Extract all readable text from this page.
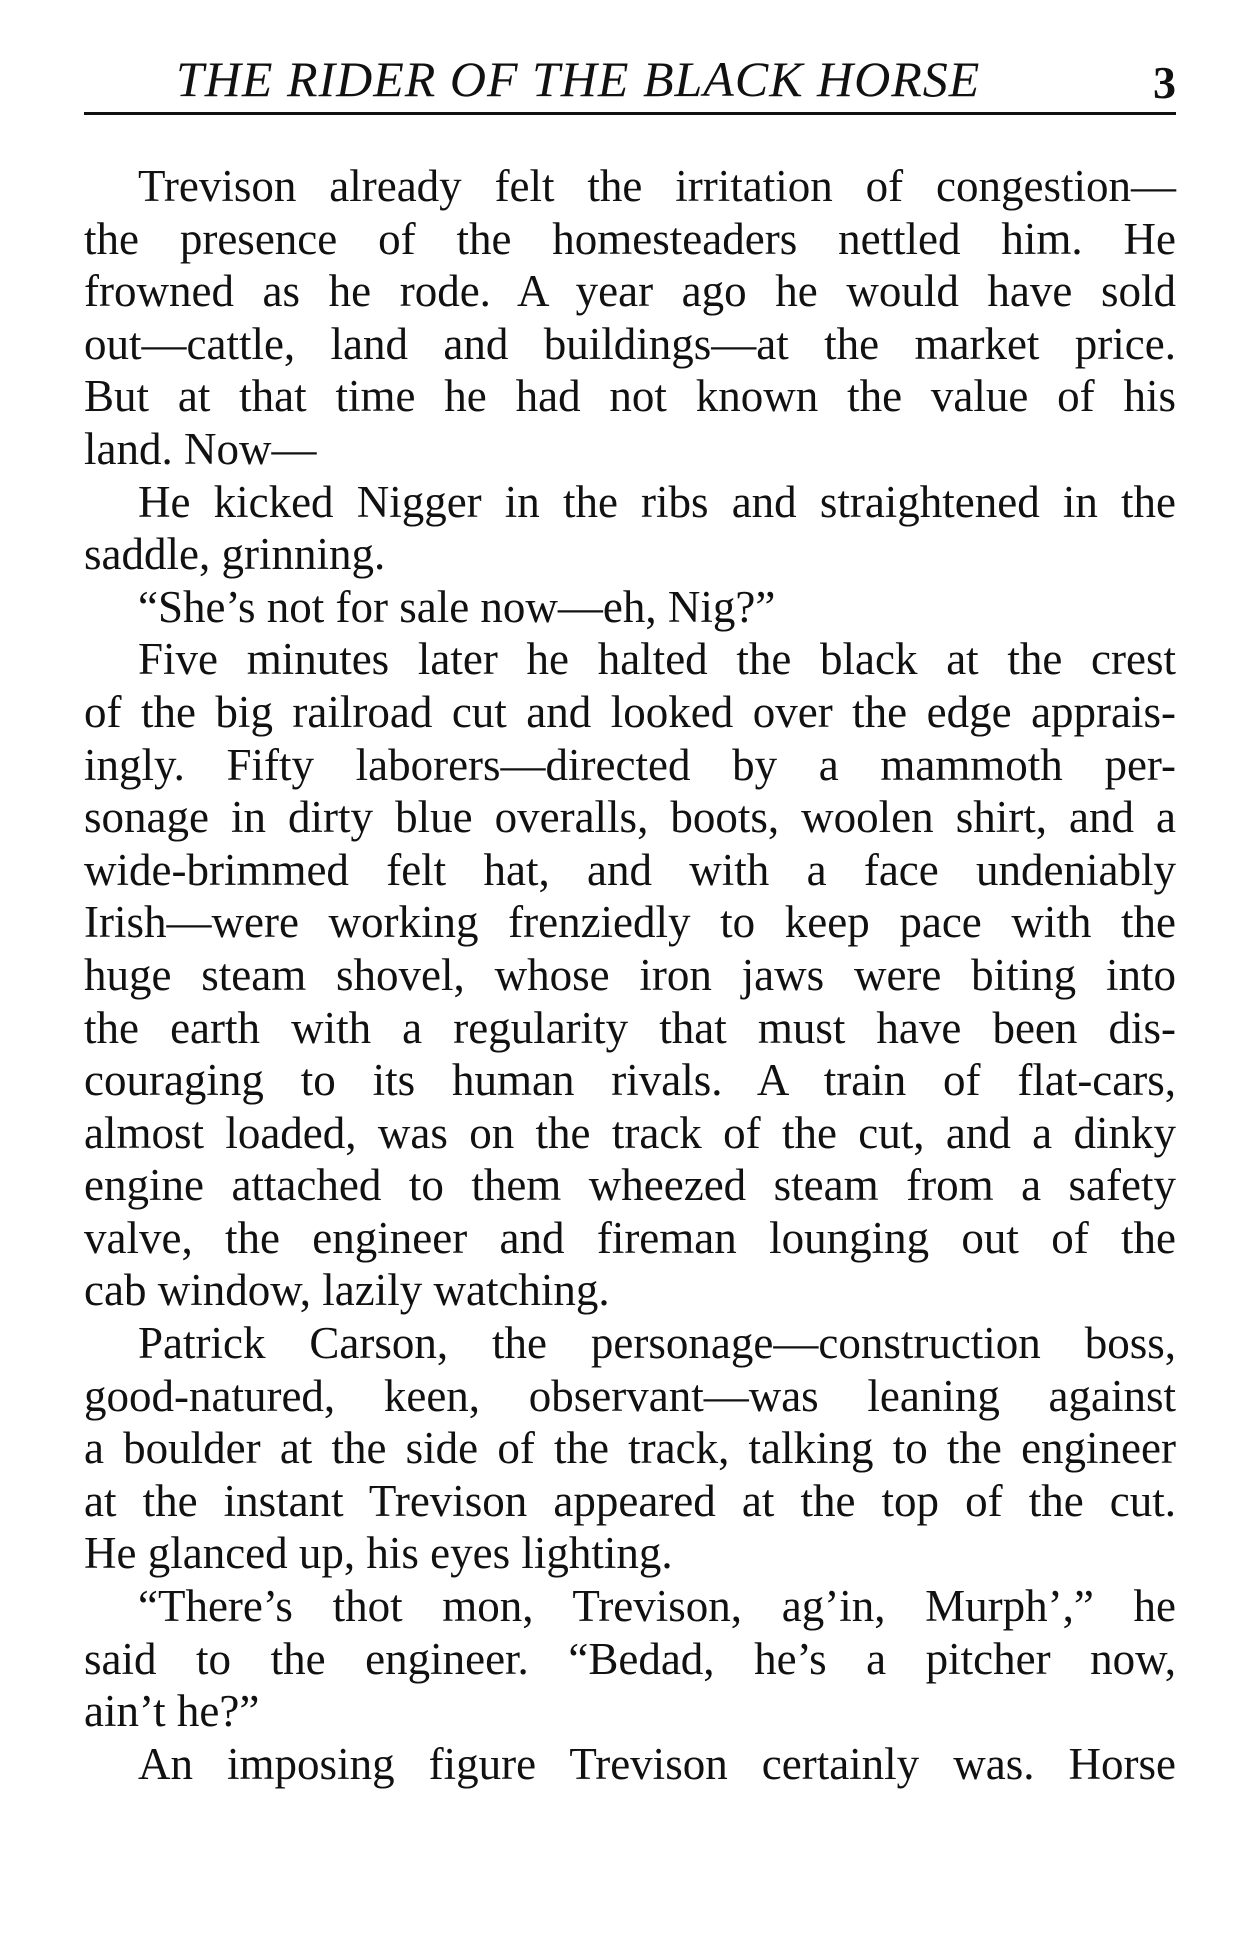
THE RIDER OF THE BLACK HORSE	3
Trevison already felt the irritation of congestion—
the presence of the homesteaders nettled him. He
frowned as he rode. A year ago he would have sold
out—cattle, land and buildings—at the market price.
But at that time he had not known the value of his
land. Now—
He kicked Nigger in the ribs and straightened in the
saddle, grinning.
“She’s not for sale now—eh, Nig?”
Five minutes later he halted the black at the crest
of the big railroad cut and looked over the edge apprais-
ingly. Fifty laborers—directed by a mammoth per-
sonage in dirty blue overalls, boots, woolen shirt, and a
wide-brimmed felt hat, and with a face undeniably
Irish—were working frenziedly to keep pace with the
huge steam shovel, whose iron jaws were biting into
the earth with a regularity that must have been dis-
couraging to its human rivals. A train of flat-cars,
almost loaded, was on the track of the cut, and a dinky
engine attached to them wheezed steam from a safety
valve, the engineer and fireman lounging out of the
cab window, lazily watching.
Patrick Carson, the personage—construction boss,
good-natured, keen, observant—was leaning against
a boulder at the side of the track, talking to the engineer
at the instant Trevison appeared at the top of the cut.
He glanced up, his eyes lighting.
“There’s thot mon, Trevison, ag’in, Murph’,” he
said to the engineer. “Bedad, he’s a pitcher now,
ain’t he?”
An imposing figure Trevison certainly was. Horse
